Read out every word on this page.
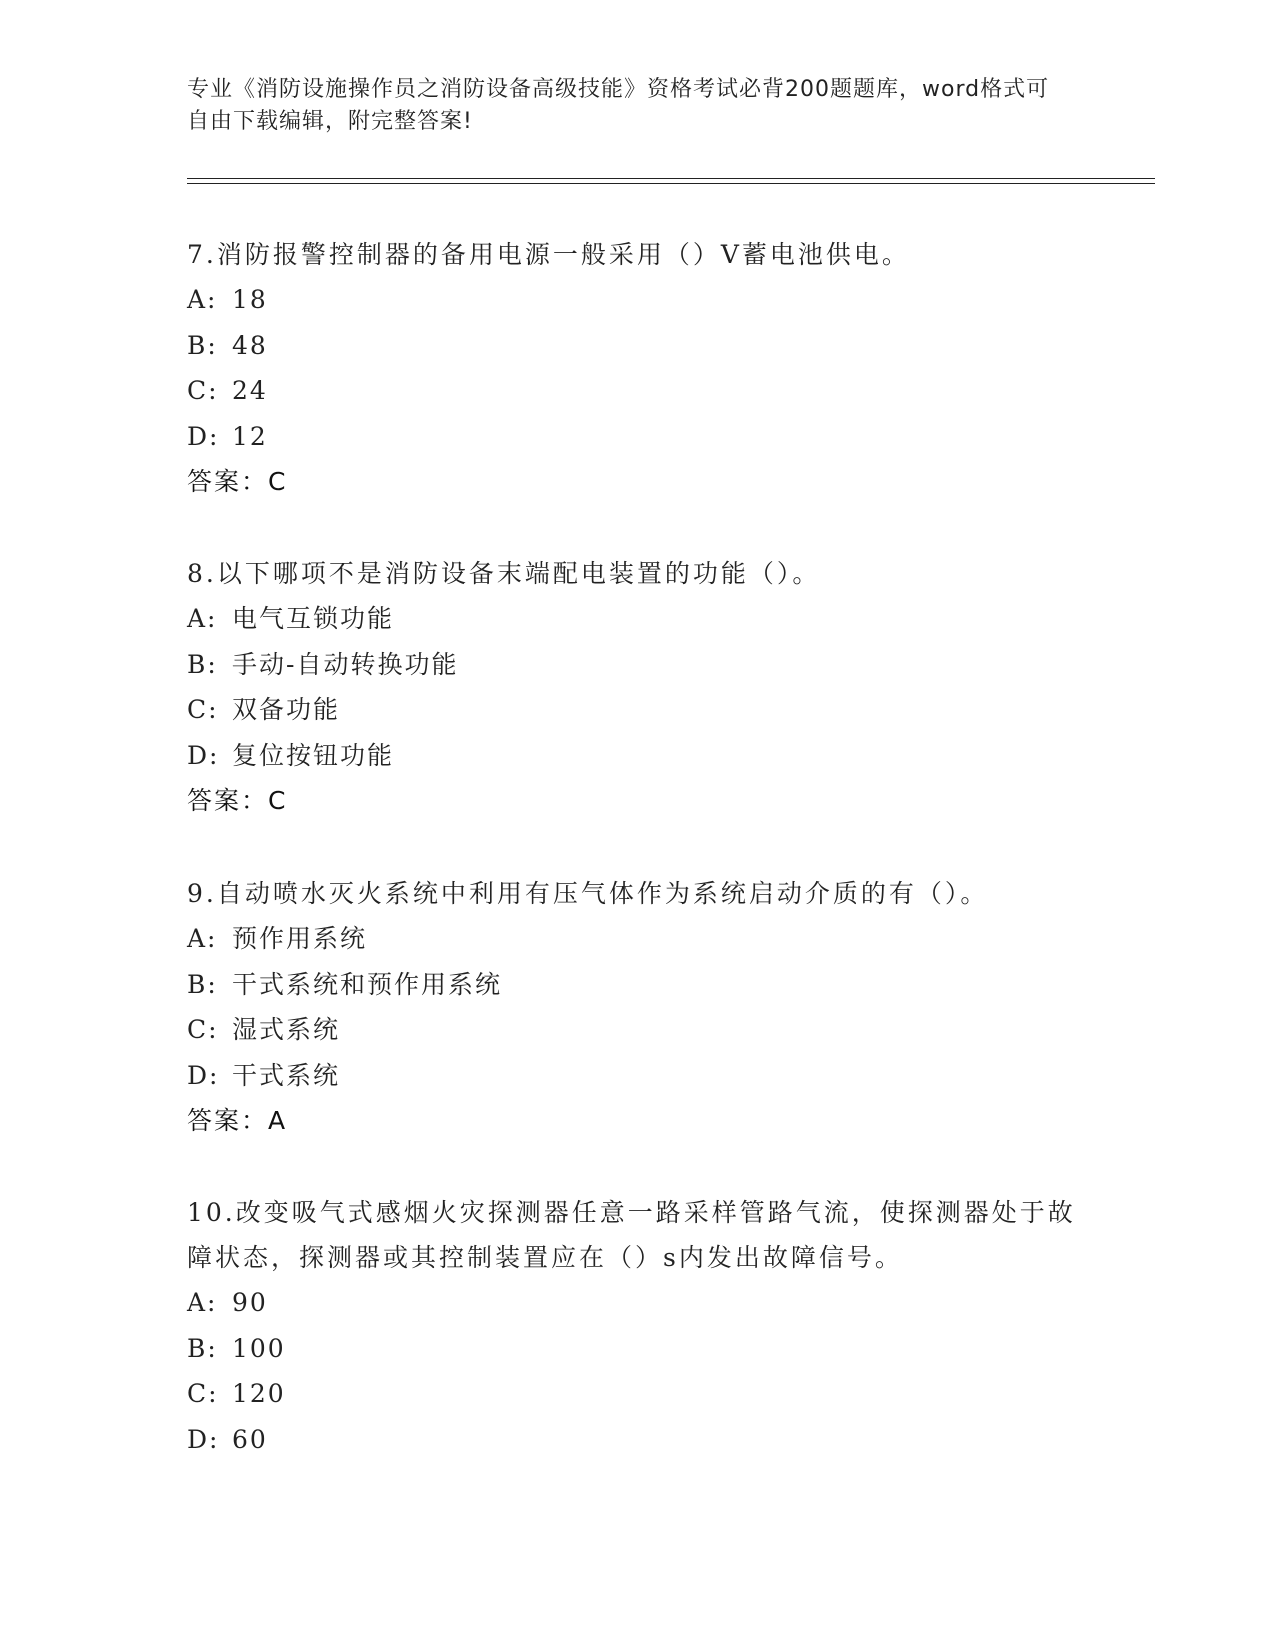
专业《消防设施操作员之消防设备高级技能》资格考试必背200题题库，word格式可自由下载编辑，附完整答案!
7.消防报警控制器的备用电源一般采用（）V蓄电池供电。
A: 18
B: 48
C: 24
D: 12
答案：C
8.以下哪项不是消防设备末端配电装置的功能（）。
A: 电气互锁功能
B: 手动-自动转换功能
C: 双备功能
D: 复位按钮功能
答案：C
9.自动喷水灭火系统中利用有压气体作为系统启动介质的有（）。
A: 预作用系统
B: 干式系统和预作用系统
C: 湿式系统
D: 干式系统
答案：A
10.改变吸气式感烟火灾探测器任意一路采样管路气流，使探测器处于故障状态，探测器或其控制装置应在（）s内发出故障信号。
A: 90
B: 100
C: 120
D: 60
